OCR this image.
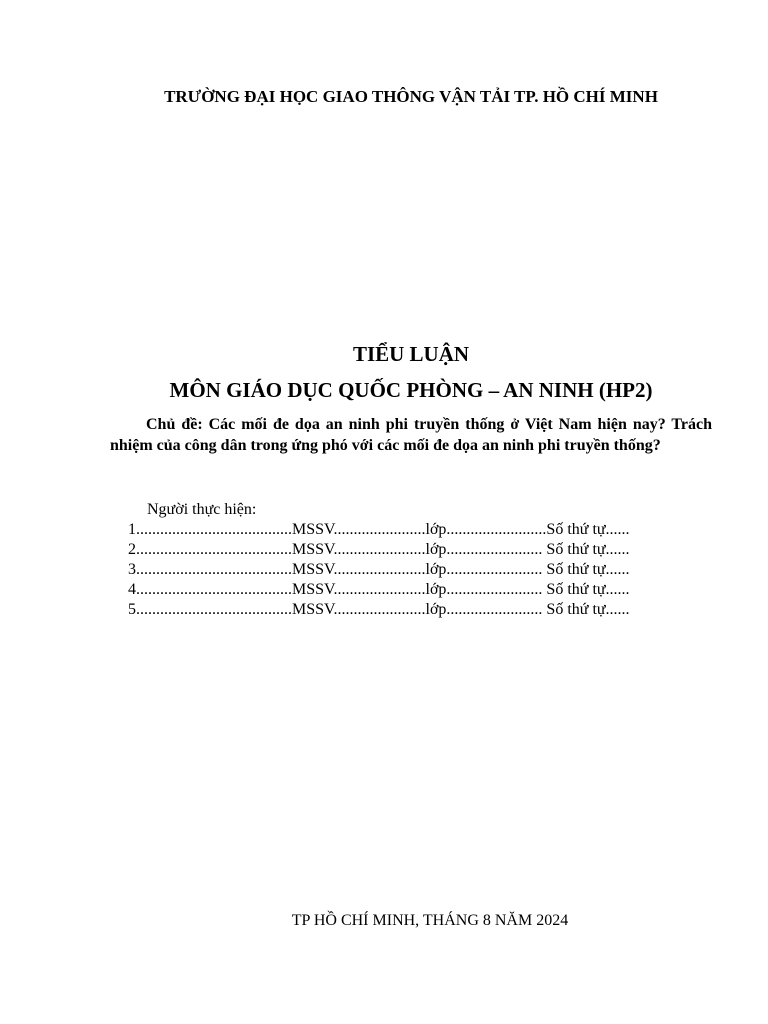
TRƯỜNG ĐẠI HỌC GIAO THÔNG VẬN TẢI TP. HỒ CHÍ MINH
TIỂU LUẬN
MÔN GIÁO DỤC QUỐC PHÒNG – AN NINH (HP2)
Chủ đề: Các mối đe dọa an ninh phi truyền thống ở Việt Nam hiện nay? Trách nhiệm của công dân trong ứng phó với các mối đe dọa an ninh phi truyền thống?
Người thực hiện:
1.......................................MSSV.......................lớp.........................Số thứ tự......
2.......................................MSSV.......................lớp........................ Số thứ tự......
3.......................................MSSV.......................lớp........................ Số thứ tự......
4.......................................MSSV.......................lớp........................ Số thứ tự......
5.......................................MSSV.......................lớp........................ Số thứ tự......
TP HỒ CHÍ MINH, THÁNG 8 NĂM 2024
